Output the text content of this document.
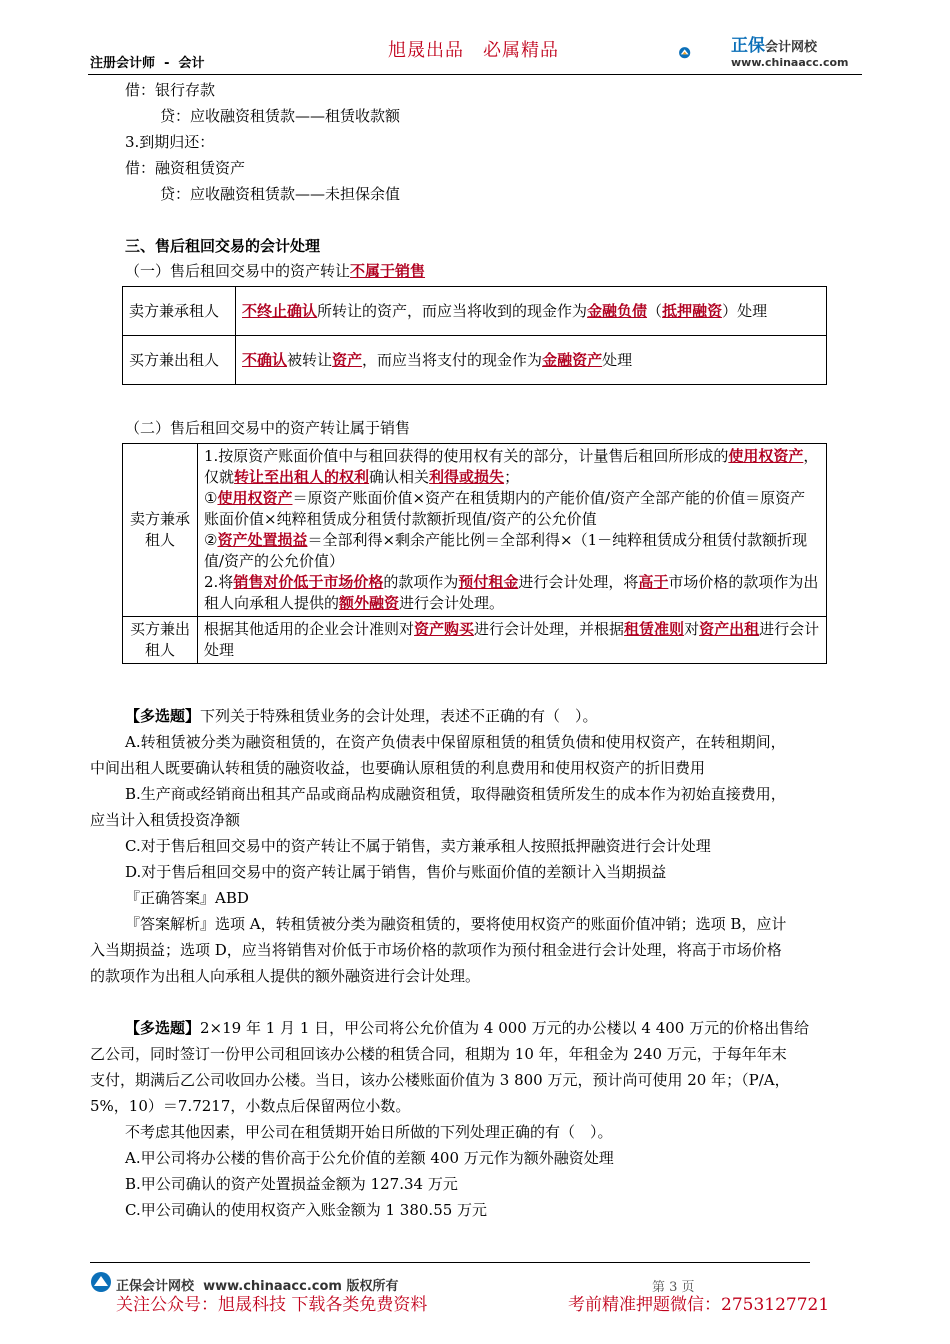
注册会计师 - 会计
旭晟出品　必属精品	正保会计网校
www.chinaacc.com
借：银行存款
贷：应收融资租赁款——租赁收款额
3.到期归还：
借：融资租赁资产
贷：应收融资租赁款——未担保余值
三、售后租回交易的会计处理
（一）售后租回交易中的资产转让不属于销售
卖方兼承租人	不终止确认所转让的资产，而应当将收到的现金作为金融负债（抵押融资）处理
买方兼出租人	不确认被转让资产，而应当将支付的现金作为金融资产处理
（二）售后租回交易中的资产转让属于销售
卖方兼承租人	1.按原资产账面价值中与租回获得的使用权有关的部分，计量售后租回所形成的使用权资产，仅就转让至出租人的权利确认相关利得或损失；
①使用权资产＝原资产账面价值×资产在租赁期内的产能价值/资产全部产能的价值＝原资产账面价值×纯粹租赁成分租赁付款额折现值/资产的公允价值
②资产处置损益＝全部利得×剩余产能比例＝全部利得×（1－纯粹租赁成分租赁付款额折现值/资产的公允价值）
2.将销售对价低于市场价格的款项作为预付租金进行会计处理，将高于市场价格的款项作为出租人向承租人提供的额外融资进行会计处理。
买方兼出租人	根据其他适用的企业会计准则对资产购买进行会计处理，并根据租赁准则对资产出租进行会计处理
【多选题】下列关于特殊租赁业务的会计处理，表述不正确的有（　）。
A.转租赁被分类为融资租赁的，在资产负债表中保留原租赁的租赁负债和使用权资产，在转租期间，
中间出租人既要确认转租赁的融资收益，也要确认原租赁的利息费用和使用权资产的折旧费用
B.生产商或经销商出租其产品或商品构成融资租赁，取得融资租赁所发生的成本作为初始直接费用，
应当计入租赁投资净额
C.对于售后租回交易中的资产转让不属于销售，卖方兼承租人按照抵押融资进行会计处理
D.对于售后租回交易中的资产转让属于销售，售价与账面价值的差额计入当期损益
『正确答案』ABD
『答案解析』选项 A，转租赁被分类为融资租赁的，要将使用权资产的账面价值冲销；选项 B，应计
入当期损益；选项 D，应当将销售对价低于市场价格的款项作为预付租金进行会计处理，将高于市场价格
的款项作为出租人向承租人提供的额外融资进行会计处理。
【多选题】2×19 年 1 月 1 日，甲公司将公允价值为 4 000 万元的办公楼以 4 400 万元的价格出售给
乙公司，同时签订一份甲公司租回该办公楼的租赁合同，租期为 10 年，年租金为 240 万元，于每年年末
支付，期满后乙公司收回办公楼。当日，该办公楼账面价值为 3 800 万元，预计尚可使用 20 年；（P/A，
5%，10）＝7.7217，小数点后保留两位小数。
不考虑其他因素，甲公司在租赁期开始日所做的下列处理正确的有（　）。
A.甲公司将办公楼的售价高于公允价值的差额 400 万元作为额外融资处理
B.甲公司确认的资产处置损益金额为 127.34 万元
C.甲公司确认的使用权资产入账金额为 1 380.55 万元
正保会计网校 www.chinaacc.com 版权所有	第 3 页
关注公众号：旭晟科技 下载各类免费资料	考前精准押题微信：2753127721
